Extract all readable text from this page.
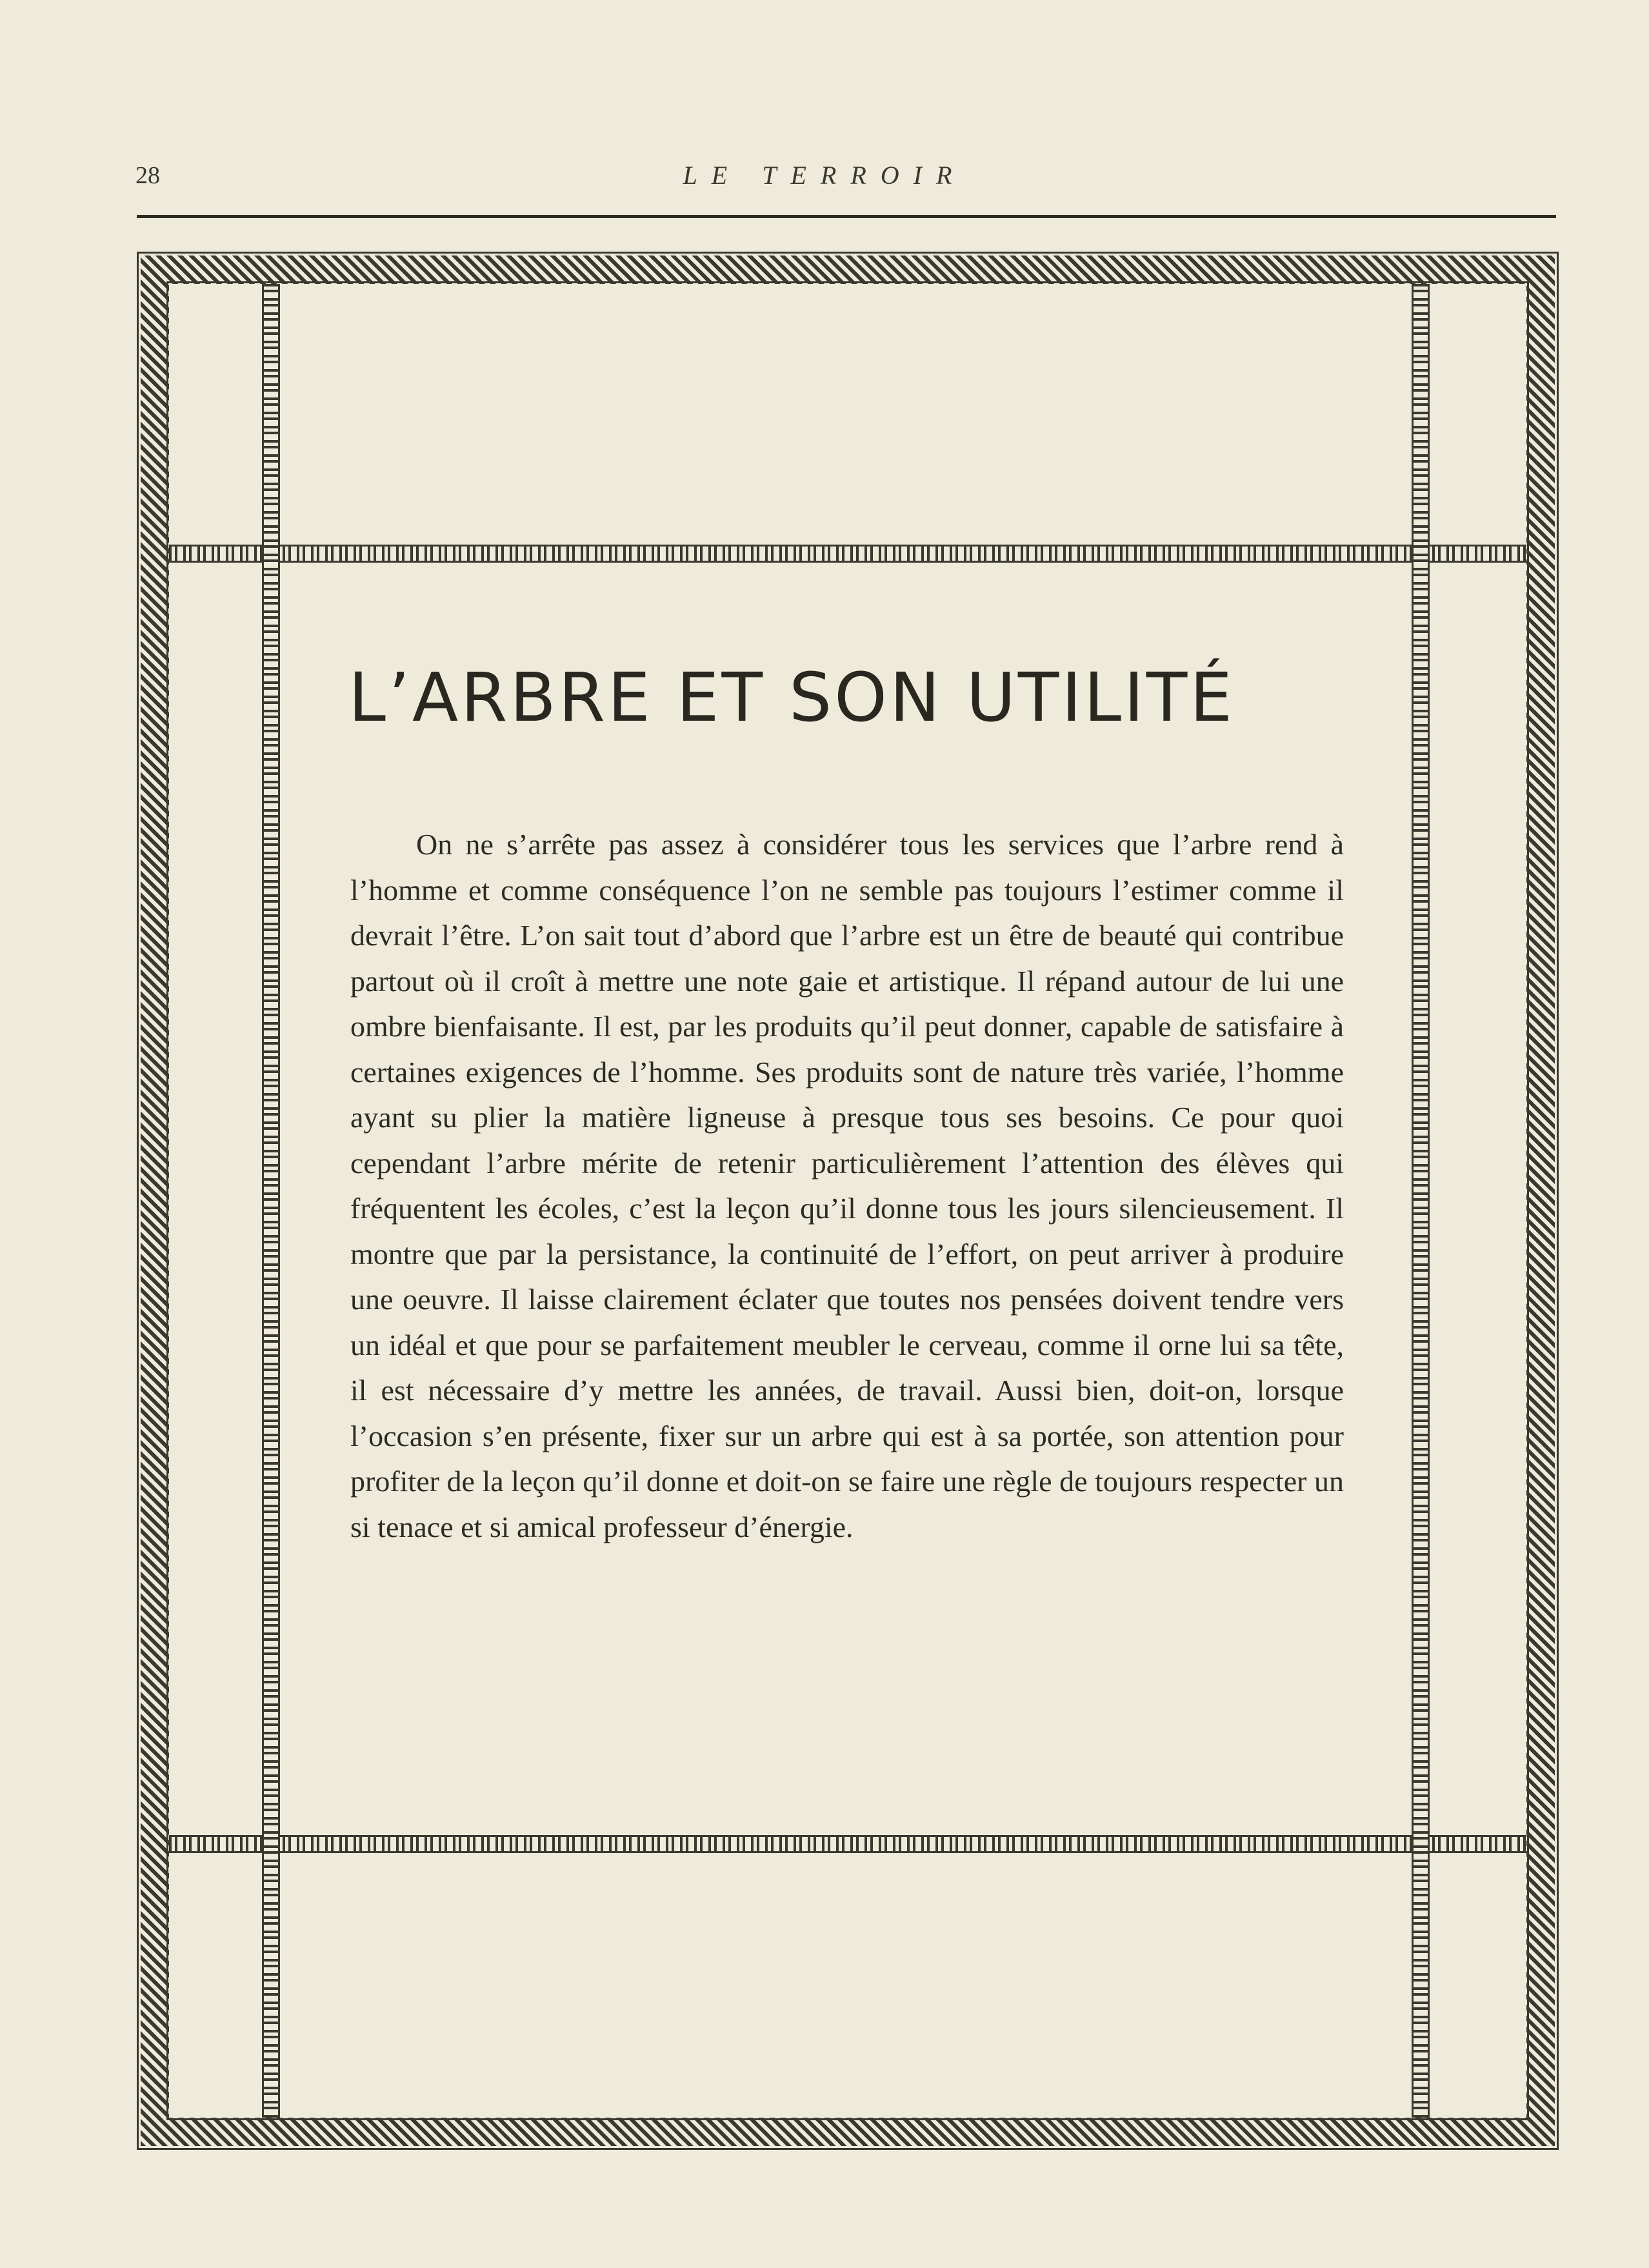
28	LE TERROIR
L’ARBRE ET SON UTILITÉ

On ne s’arrête pas assez à considérer tous les services que l’arbre rend à l’homme et comme conséquence l’on ne semble pas toujours l’estimer comme il devrait l’être. L’on sait tout d’abord que l’arbre est un être de beauté qui contribue partout où il croît à mettre une note gaie et artistique. Il répand autour de lui une ombre bienfaisante. Il est, par les produits qu’il peut donner, capable de satisfaire à certaines exigences de l’homme. Ses produits sont de nature très variée, l’homme ayant su plier la matière ligneuse à presque tous ses besoins. Ce pour quoi cependant l’arbre mérite de retenir particulièrement l’attention des élèves qui fréquentent les écoles, c’est la leçon qu’il donne tous les jours silencieusement. Il montre que par la persistance, la continuité de l’effort, on peut arriver à produire une oeuvre. Il laisse clairement éclater que toutes nos pensées doivent tendre vers un idéal et que pour se parfaitement meubler le cerveau, comme il orne lui sa tête, il est nécessaire d’y mettre les années, de travail. Aussi bien, doit-on, lorsque l’occasion s’en présente, fixer sur un arbre qui est à sa portée, son attention pour profiter de la leçon qu’il donne et doit-on se faire une règle de toujours respecter un si tenace et si amical professeur d’énergie.
